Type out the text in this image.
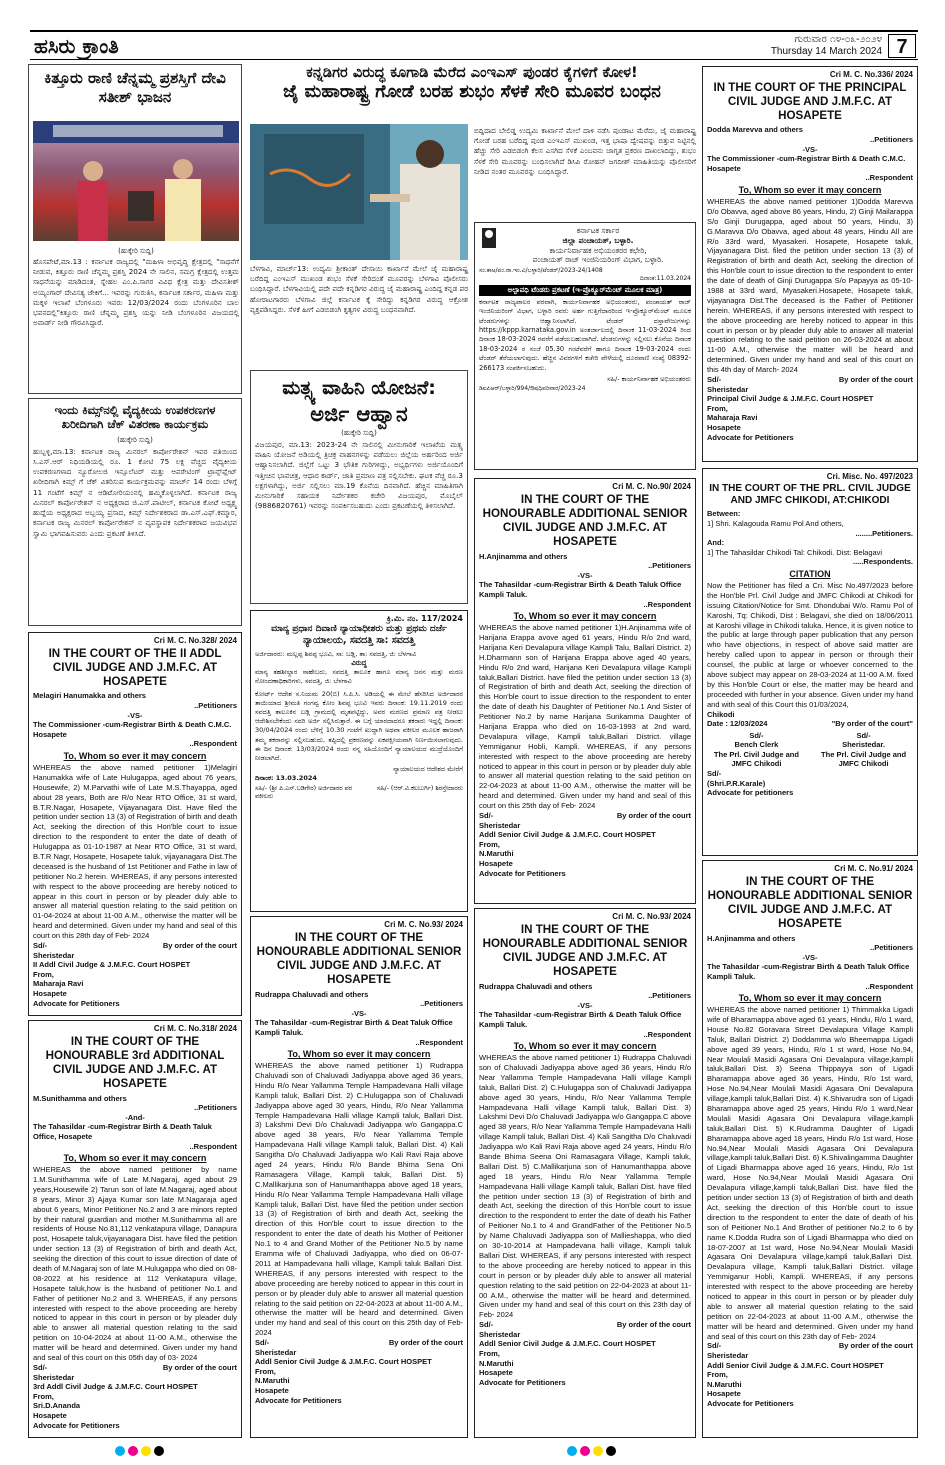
ಹಸಿರು ಕ್ರಾಂತಿ	ಗುರುವಾರ ೧೪-೦೩-೨೦೨೪
Thursday 14 March 2024 7
ಕಿತ್ತೂರು ರಾಣಿ ಚೆನ್ನಮ್ಮ ಪ್ರಶಸ್ತಿಗೆ ದೇವಿ ಸತೀಶ್ ಭಾಜನ
(ಹುಕ್ಕೇರಿ ಸುದ್ದಿ)
ಹೊಸಪೇಟೆ,ಮಾ.13 : ಕರ್ನಾಟಕ ರಾಜ್ಯದಲ್ಲಿ "ಮಹಿಳಾ ಅಭಿವೃದ್ಧಿ ಕ್ಷೇತ್ರದಲ್ಲಿ "ಸಾಧನೆಗೆ ನೀಡುವ, ಕಿತ್ತೂರು ರಾಣಿ ಚೆನ್ನಮ್ಮ ಪ್ರಶಸ್ತಿ 2024 ನೇ ಸಾಲಿನ, ಸಮಗ್ರ ಕ್ಷೇತ್ರದಲ್ಲಿ ಉತ್ತಮ ಸಾಧನೆಯನ್ನು ಮಾಡಿದಂತ, ಸ್ನೇಹಲ ಎಂ.ಪಿ.ಸಾಗರ ವಿವಿಧ ಕ್ಷೇತ್ರ ಮತ್ತು ದೇವಿಸತೀಶ್ ಅಯ್ಯಂಗಾರ್ ದೇವಿಸತ್ಯ ಜೇಕಿಗೆ... ಇವರನ್ನು ಗುರುತಿಸಿ, ಕರ್ನಾಟಕ ಸರ್ಕಾರ, ಮಹಿಳಾ ಮತ್ತು ಮಕ್ಕಳ ಇಲಾಖೆ ಬೆಂಗಳೂರು ಇವರು 12/03/2024 ರಂದು ಬೆಂಗಳೂರಿನ ಬಾಲ ಭವನದಲ್ಲಿ"ಕಿತ್ತೂರು ರಾಣಿ ಚೆನ್ನಮ್ಮ ಪ್ರಶಸ್ತಿ ಯನ್ನು ನೀಡಿ ಬೆಂಗಳೂರಿನ ವಿಜಯದಲ್ಲಿ ಅವಾರ್ಡ್ ನೀಡಿ ಗೌರವಿಸಿದ್ದಾರೆ.
ಇಂದು ಕಿಮ್ಸ್‌ನಲ್ಲಿ ವೈದ್ಯಕೀಯ ಉಪಕರಣಗಳ ಖರೀದಿಗಾಗಿ ಚೆಕ್ ವಿತರಣಾ ಕಾರ್ಯಕ್ರಮ
(ಹುಕ್ಕೇರಿ ಸುದ್ದಿ)
ಹುಬ್ಬಳ್ಳಿ,ಮಾ.13: ಕರ್ನಾಟಕ ರಾಜ್ಯ ಮಿನರಲ್ ಕಾರ್ಪೋರೇಶನ್ ಇವರ ವತಿಯಿಂದ ಸಿ.ಎಸ್.ಆರ್ ನಿಧಿಯಡಿಯಲ್ಲಿ ರೂ. 1 ಕೋಟಿ 75 ಲಕ್ಷ ವೆಚ್ಚದ ವೈದ್ಯಕೀಯ ಉಪಕರಣಗಳಾದ ನ್ಯೂರೋಲಜಿ ಇನ್ಸೂಲೆಟರ್ ಮತ್ತು ಆಪರೇಟಿಂಗ್ ಟ್ರಾನ್ಸ್‌ಪ್ಲೇಟ್ ಖರೀದಿಗಾಗಿ ಕಿಮ್ಸ್ ಗೆ ಚೆಕ್ ವಿತರಿಸುವ ಕಾರ್ಯಕ್ರಮವನ್ನು ಮಾರ್ಚ್ 14 ರಂದು ಬೆಳಿಗ್ಗೆ 11 ಗಂಟೆಗೆ ಕಿಮ್ಸ್ ನ ಆಡಿಟೋರಿಯಂನಲ್ಲಿ ಹಮ್ಮಿಕೊಳ್ಳಲಾಗಿದೆ. ಕರ್ನಾಟಕ ರಾಜ್ಯ ಮಿನರಲ್ ಕಾರ್ಪೋರೇಶನ್ ನ ಅಧ್ಯಕ್ಷರಾದ ಜಿ.ಎಸ್.ಪಾಟೀಲ್, ಕರ್ನಾಟಕ ಕೋಟೆ ಅಧ್ಯಕ್ಷೃ ಹುದ್ದೆಯ ಅಧ್ಯಕ್ಷರಾದ ಅಬ್ಬಯ್ಯ ಪ್ರಸಾದ, ಕಿಮ್ಸ್ ನಿರ್ದೇಶಕರಾದ ಡಾ.ಎಸ್.ಎಫ್.ಕಮ್ಮಾರ, ಕರ್ನಾಟಕ ರಾಜ್ಯ ಮಿನರಲ್ ಕಾರ್ಪೋರೇಶನ್ ನ ವ್ಯವಸ್ಥಾಪಕ ನಿರ್ದೇಶಕರಾದ ಜಯವಿಭವ ಸ್ವಾಮಿ ಭಾಗವಹಿಸುವರು ಎಂದು ಪ್ರಕಟಣೆ ತಿಳಿಸಿದೆ.
ಕನ್ನಡಿಗರ ವಿರುದ್ಧ ಕೂಗಾಡಿ ಮೆರೆದ ಎಂಇಎಸ್ ಪುಂಡರ ಕೈಗಳಿಗೆ ಕೋಳ!
ಜೈ ಮಹಾರಾಷ್ಟ್ರ ಗೋಡೆ ಬರಹ ಶುಭಂ ಸೆಳಕೆ ಸೇರಿ ಮೂವರ ಬಂಧನ
ಬೆಳಗಾವಿ, ಮಾರ್ಚ್13: ಉದ್ಯಮಿ ಶ್ರೀಕಾಂತ್ ದೇಸಾಯಿ ಕಾರ್ಖಾನೆ ಮೇಲೆ ಜೈ ಮಹಾರಾಷ್ಟ್ರ ಬರೆದಿದ್ದ ಎಂಇಎಸ್ ಮುಖಂಡ ಶುಭಂ ಸೆಳಕೆ ಸೇರಿದಂತೆ ಮೂವರನ್ನು ಬೆಳಗಾವಿ ಪೊಲೀಸರು ಬಂಧಿಸಿದ್ದಾರೆ. ಬೆಳಗಾವಿಯಲ್ಲಿ ಪದೇ ಪದೇ ಕನ್ನಡಿಗರ ವಿರುದ್ಧ ಜೈ ಮಹಾರಾಷ್ಟ್ರ ಎಂದಿದ್ದ ಕನ್ನಡ ಪರ ಹೋರಾಟಗಾರರು ಬೆಳಗಾವಿ ಜಿಲ್ಲೆ ಕರ್ನಾಟಕ ಕ್ಕೆ ಸೇರಿದ್ದು ಕನ್ನಡಿಗರ ವಿರುದ್ಧ ಆಕ್ರೋಶ ವ್ಯಕ್ತಪಡಿಸಿದ್ದರು. ಸೆಳಕೆ ಹೀಗೆ ಎಡಬಿಡಂಗಿ ಕೃತ್ಯಗಳ ವಿರುದ್ಧ ಬಂಧನವಾಗಿದೆ.
ಬಿದ್ದಿದಾದ ಬೇಲಿಡ್ಡ ಉದ್ಯಮಿ ಕಾರ್ಖಾನೆ ಮೇಲೆ ದಾಳಿ ನಡೆಸಿ ಪುಂಡಾಟ ಮೆರೆದು, ಜೈ ಮಹಾರಾಷ್ಟ್ರ ಗೋಡೆ ಬರಹ ಬರೆದಿದ್ದ ಪುಂಡ ಎಂಇಎಸ್ ಮುಖಂಡ, ಇತ್ತ ಭಾಷಾ ದ್ವೇಷವನ್ನು ಬಿತ್ತುವ ನಿಟ್ಟಿನಲ್ಲಿ ಹೆಚ್ಚು ಸೇರಿ ಎಡಬಿಡಂಗಿ ಕೆಲಸ ಎಸಗಿದ ಸೆಳಕೆ ಎಂಬವನು ಜಾಗೃತ ಪ್ರಕರಣ ದಾಖಲಾದಿದ್ದು, ಶುಭಂ ಸೆಳಕೆ ಸೇರಿ ಮೂವರನ್ನು ಬಂಧಿಸಲಾಗಿದೆ ಡಿಸಿಪಿ ರೋಹನ್ ಜಗದೀಶ್ ಮಾಹಿತಿಯನ್ನು ಪೊಲೀಸರಿಗೆ ನೀಡಿದ ನಂತರ ಮೂವರನ್ನು ಬಂಧಿಸಿದ್ದಾರೆ.
ಕರ್ನಾಟಕ ಸರ್ಕಾರ
ಜಿಲ್ಲಾ ಪಂಚಾಯತ್, ಬಳ್ಳಾರಿ.
ಕಾರ್ಯನಿರ್ವಾಹಕ ಅಭಿಯಂತರರ ಕಛೇರಿ,
ಪಂಚಾಯತ್ ರಾಜ್ ಇಂಜಿನಿಯರಿಂಗ್ ವಿಭಾಗ, ಬಳ್ಳಾರಿ.
ಸಂ.ಕಾಅ/ಪಂ.ರಾ.ಇಂ.ವಿ/ಬಳ್ಳಾರಿ/ಟೆಂಡರ್/2023-24/1408
ದಿನಾಂಕ:11.03.2024
ಅಲ್ಪಾವಧಿ ಟೆಂಡರು ಪ್ರಕಟಣೆ (ಇ-ಪ್ರೊಕ್ಯೂರ್‌ಮೆಂಟ್ ಮೂಲಕ ಮಾತ್ರ)
ಕರ್ನಾಟಕ ರಾಜ್ಯಪಾಲರ ಪರವಾಗಿ, ಕಾರ್ಯನಿರ್ವಾಹಕ ಅಭಿಯಂತರರು, ಪಂಚಾಯತ್ ರಾಜ್ ಇಂಜಿನಿಯರಿಂಗ್ ವಿಭಾಗ, ಬಳ್ಳಾರಿ ರವರು ಅರ್ಹ ಗುತ್ತಿಗೆದಾರರಿಂದ ಇ-ಪ್ರೊಕ್ಯೂರ್‌ಮೆಂಟ್ ಮೂಲಕ ಟೆಂಡರುಗಳನ್ನು ಆಹ್ವಾನಿಸಲಾಗಿದೆ. ಟೆಂಡರ್ ದಸ್ತಾವೇಜುಗಳನ್ನು https://kppp.karnataka.gov.in ಅಂತರ್ಜಾಲದಲ್ಲಿ ದಿನಾಂಕ 11-03-2024 ರಿಂದ ದಿನಾಂಕ 18-03-2024 ರವರೆಗೆ ಪಡೆಯಬಹುದಾಗಿದೆ. ಟೆಂಡರುಗಳನ್ನು ಸಲ್ಲಿಸಲು ಕೊನೆಯ ದಿನಾಂಕ 18-03-2024 ರ ಸಂಜೆ 05.30 ಗಂಟೆವರೆಗೆ ಹಾಗೂ ದಿನಾಂಕ 19-03-2024 ರಂದು ಟೆಂಡರ್ ತೆರೆಯಲಾಗುವುದು. ಹೆಚ್ಚಿನ ವಿವರಗಳಿಗೆ ಕಚೇರಿ ವೇಳೆಯಲ್ಲಿ ದೂರವಾಣಿ ಸಂಖ್ಯೆ 08392-266173 ಸಂಪರ್ಕಿಸಬಹುದು.
ಸಹಿ/- ಕಾರ್ಯನಿರ್ವಾಹಕ ಅಭಿಯಂತರರು
ಡಿಐಪಿಆರ್/ಬಳ್ಳಾರಿ/994/ಔಷಧಿಪರಿವಾರ/2023-24
ಮತ್ಸ್ಯ ವಾಹಿನಿ ಯೋಜನೆ:
ಅರ್ಜಿ ಆಹ್ವಾನ
(ಹುಕ್ಕೇರಿ ಸುದ್ದಿ)
ವಿಜಯಪುರ, ಮಾ.13: 2023-24 ನೇ ಸಾಲಿನಲ್ಲಿ ಮೀನುಗಾರಿಕೆ ಇಲಾಖೆಯ ಮತ್ಸ್ಯ ವಾಹಿನಿ ಯೋಜನೆ ಅಡಿಯಲ್ಲಿ ತ್ರಿಚಕ್ರ ವಾಹನಗಳನ್ನು ಪಡೆಯಲು ಜಿಲ್ಲೆಯ ಅರ್ಹರಿಂದ ಅರ್ಜಿ ಆಹ್ವಾನಿಸಲಾಗಿದೆ. ಜಿಲ್ಲೆಗೆ ಒಟ್ಟು 3 ಭೌತಿಕ ಗುರಿಗಳಿದ್ದು, ಅಭ್ಯರ್ಥಿಗಳು ಅರ್ಜಿಯೊಂದಿಗೆ ಇತ್ತೀಚಿನ ಭಾವಚಿತ್ರ, ಆಧಾರ ಕಾರ್ಡ್, ಜಾತಿ ಪ್ರಮಾಣ ಪತ್ರ ಸಲ್ಲಿಸಬೇಕು. ಘಟಕ ವೆಚ್ಚ ರೂ.3 ಲಕ್ಷಗಳಾಗಿದ್ದು, ಅರ್ಜಿ ಸಲ್ಲಿಸಲು ಮಾ.19 ಕೊನೆಯ ದಿನವಾಗಿದೆ. ಹೆಚ್ಚಿನ ಮಾಹಿತಿಗಾಗಿ ಮೀನುಗಾರಿಕೆ ಸಹಾಯಕ ನಿರ್ದೇಶಕರ ಕಚೇರಿ ವಿಜಯಪುರ, ಮೊಬೈಲ್ (9886820761) ಇವರನ್ನು ಸಂಪರ್ಕಿಸಬಹುದು ಎಂದು ಪ್ರಕಟಣೆಯಲ್ಲಿ ತಿಳಿಸಲಾಗಿದೆ.
ಕ್ರಿ.ಮಿ. ನಂ. 117/2024
ಮಾನ್ಯ ಪ್ರಧಾನ ದಿವಾಣಿ ನ್ಯಾಯಾಧೀಶರು ಮತ್ತು ಪ್ರಥಮ ದರ್ಜೆ
ನ್ಯಾಯಾಲಯ, ಸವದತ್ತಿ ಸಾ: ಸವದತ್ತಿ
ಅರ್ಜಿದಾರರು: ಮಲ್ಲಪ್ಪ ಶಿವಪ್ಪ ಭೂವಿ, ಸಾ: ಬಡ್ಲಿ, ತಾ: ಸವದತ್ತಿ, ಜಿ: ಬೆಳಗಾವಿ
ವಿರುದ್ಧ
ಮಾನ್ಯ ತಹಶೀಲ್ದಾರ ಸಾಹೇಬರು, ಸವದತ್ತಿ ತಾಲೂಕ ಹಾಗೂ ಮಾನ್ಯ ಜನನ ಮತ್ತು ಮರಣ ನೋಂದಣಾಧಿಕಾರಿಗಳು, ಸವದತ್ತಿ, ಜಿ: ಬೆಳಗಾವಿ
ಕೋರ್ಟ್ ಆದೇಶ ಸ.ನಿಯಮ 20(ಬಿ) ಸಿ.ಪಿ.ಸಿ. ಅಡಿಯಲ್ಲಿ ಈ ಮೇಲೆ ಹೆಸರಿಸಿದ ಅರ್ಜಿದಾರರ ತಾಯಿಯಾದ ಶ್ರೀಮತಿ ಗಂಗವ್ವ ಕೋಂ ಶಿವಪ್ಪ ಭೂವಿ ಇವರು ದಿನಾಂಕ: 19.11.2019 ರಂದು ಸವದತ್ತಿ ತಾಲೂಕಿನ ಬಡ್ಲಿ ಗ್ರಾಮದಲ್ಲಿ ಮೃತಪಟ್ಟಿದ್ದು, ಅವರ ಮರಣದ ಪ್ರಮಾಣ ಪತ್ರ ನೀಡಲು ಆದೇಶಿಸಬೇಕೆಂದು ಸದರಿ ಅರ್ಜಿ ಸಲ್ಲಿಸಿರುತ್ತಾರೆ. ಈ ಬಗ್ಗೆ ಯಾರದಾದರೂ ತಕರಾರು ಇದ್ದಲ್ಲಿ ದಿನಾಂಕ: 30/04/2024 ರಂದು ಬೆಳಿಗ್ಗೆ 10.30 ಗಂಟೆಗೆ ಖುದ್ದಾಗಿ ಅಥವಾ ವಕೀಲರ ಮೂಲಕ ಹಾಜರಾಗಿ ತಮ್ಮ ತಕರಾರನ್ನು ಸಲ್ಲಿಸಬಹುದು, ತಪ್ಪಿದಲ್ಲಿ ಪ್ರಕರಣವನ್ನು ಏಕಪಕ್ಷೀಯವಾಗಿ ನಿರ್ಣಯಿಸಲಾಗುವುದು. ಈ ದಿನ ದಿನಾಂಕ: 13/03/2024 ರಂದು ನನ್ನ ಸಹಿಯೊಂದಿಗೆ ನ್ಯಾಯಾಲಯದ ಮುದ್ರೆಯೊಂದಿಗೆ ನೀಡಲಾಗಿದೆ.
ನ್ಯಾಯಾಲಯದ ಆದೇಶದ ಮೇರೆಗೆ
ದಿನಾಂಕ: 13.03.2024
ಸಹಿ/- (ಶ್ರೀ ಪಿ.ಎಸ್.ಬಡಿಗೇರ) ಅರ್ಜಿದಾರರ ಪರ ವಕೀಲರು
ಸಹಿ/- (ಆರ್.ವಿ.ಕಲಬುರ್ಗಿ) ಶಿರಸ್ತೇದಾರರು
Cri M. C. No.328/ 2024
IN THE COURT OF THE II ADDL CIVIL JUDGE AND J.M.F.C. AT HOSAPETE
Melagiri Hanumakka and others
..Petitioners
-VS-
The Commissioner -cum-Registrar Birth & Death C.M.C. Hosapete
..Respondent
To, Whom so ever it may concern
WHEREAS the above named petitioner 1)Melagiri Hanumakka wife of Late Hulugappa, aged about 76 years, Housewife, 2) M.Parvathi wife of Late M.S.Thayappa, aged about 28 years, Both are R/o Near RTO Office, 31 st ward, B.T.R.Nagar, Hosapete, Vijayanagara Dist. Have filed the petition under section 13 (3) of Registration of birth and death Act, seeking the direction of this Hon'ble court to issue direction to the respondent to enter the date of death of Hulugappa as 01-10-1987 at Near RTO Office, 31 st ward, B.T.R Nagr, Hosapete, Hosapete taluk, vijayanagara Dist.The deceased is the husband of 1st Petitioner and Fathe in law of petitioner No.2 herein. WHEREAS, if any persons interested with respect to the above proceeding are hereby noticed to appear in this court in person or by pleader duly able to answer all material question relating to the said petition on 01-04-2024 at about 11-00 A.M., otherwise the matter will be heard and determined. Given under my hand and seal of this court on this 28th day of Feb- 2024
Sd/-	By order of the court
Sheristedar
II Addl Civil Judge & J.M.F.C. Court HOSPET
From,
Maharaja Ravi
Hosapete
Advocate for Petitioners
Cri M. C. No.318/ 2024
IN THE COURT OF THE HONOURABLE 3rd ADDITIONAL CIVIL JUDGE AND J.M.F.C. AT HOSAPETE
M.Sunithamma and others
..Petitioners
-And-
The Tahasildar -cum-Registrar Birth & Death Taluk Office, Hosapete
..Respondent
To, Whom so ever it may concern
WHEREAS the above named petitioner by name 1.M.Sunithamma wife of Late M.Nagaraj, aged about 29 years,Housewife 2) Tarun son of late M.Nagaraj, aged about 8 years, Minor 3) Ajaya Kumar son late M.Nagaraja aged about 6 years, Minor Petitioner No.2 and 3 are minors repted by their natural guardian and mother M.Sunithamma all are residents of House No.81,112 venkatapura village, Danapura post, Hosapete taluk,vijayanagara Dist. have filed the petition under section 13 (3) of Registration of birth and death Act, seeking the direction of this court to issue direction of date of death of M.Nagaraj son of late M.Hulugappa who died on 08-08-2022 at his residence at 112 Venkatapura village, Hosapete taluk,how is the husband of petitioner No.1 and Father of petitioner No.2 and 3. WHEREAS, if any persons interested with respect to the above proceeding are hereby noticed to appear in this court in person or by pleader duly able to answer all material question relating to the said petition on 10-04-2024 at about 11-00 A.M., otherwise the matter will be heard and determined. Given under my hand and seal of this court on this 05th day of 03- 2024
Sd/-	By order of the court
Sheristedar
3rd Addl Civil Judge & J.M.F.C. Court HOSPET
From,
Sri.D.Ananda
Hosapete
Advocate for Petitioners
Cri M. C. No.93/ 2024
IN THE COURT OF THE HONOURABLE ADDITIONAL SENIOR CIVIL JUDGE AND J.M.F.C. AT HOSAPETE
Rudrappa Chaluvadi and others
..Petitioners
-VS-
The Tahasildar -cum-Registrar Birth & Deat Taluk Office Kampli Taluk.
..Respondent
To, Whom so ever it may concern
WHEREAS the above named petitioner 1) Rudrappa Chaluvadi son of Chaluvadi Jadiyappa above aged 36 years, Hindu R/o Near Yallamma Temple Hampadevana Halli village Kampli taluk, Ballari Dist. 2) C.Hulugappa son of Chaluvadi Jadiyappa above aged 30 years, Hindu, R/o Near Yallamma Temple Hampadevana Halli village Kampli taluk, Ballari Dist. 3) Lakshmi Devi D/o Chaluvadi Jadiyappa w/o Gangappa.C above aged 38 years, R/o Near Yallamma Temple Hampadevana Halli village Kampli taluk, Ballari Dist. 4) Kali Sangitha D/o Chaluvadi Jadiyappa w/o Kali Ravi Raja above aged 24 years, Hindu R/o Bande Bhima Sena Oni Ramasagera Village, Kampli taluk, Ballari Dist. 5) C.Mallikarjuna son of Hanumanthappa above aged 18 years, Hindu R/o Near Yallamma Temple Hampadevana Halli village Kampli taluk, Ballari Dist. have filed the petition under section 13 (3) of Registration of birth and death Act, seeking the direction of this Hon'ble court to issue direction to the respondent to enter the date of death his Mother of Peitioner No.1 to 4 and Grand Mother of the Petitioner No.5 by name Eramma wife of Chaluvadi Jadiyappa, who died on 06-07-2011 at Hampadevana halli village, Kampli taluk Ballari Dist. WHEREAS, if any persons interested with respect to the above proceeding are hereby noticed to appear in this court in person or by pleader duly able to answer all material question relating to the said petition on 22-04-2023 at about 11-00 A.M., otherwise the matter will be heard and determined. Given under my hand and seal of this court on this 25th day of Feb- 2024
Sd/-	By order of the court
Sheristedar
Addl Senior Civil Judge & J.M.F.C. Court HOSPET
From,
N.Maruthi
Hosapete
Advocate for Petitioners
Cri M. C. No.90/ 2024
IN THE COURT OF THE HONOURABLE ADDITIONAL SENIOR CIVIL JUDGE AND J.M.F.C. AT HOSAPETE
H.Anjinamma and others
..Petitioners
-VS-
The Tahasildar -cum-Registrar Birth & Death Taluk Office Kampli Taluk.
..Respondent
To, Whom so ever it may concern
WHEREAS the above named petitioner 1)H.Anjinamma wife of Harijana Erappa avove aged 61 years, Hindu R/o 2nd ward, Harijana Keri Devalapura village Kampli Talu, Ballari District. 2) H.Dharmann son of Harijana Erappa above aged 40 years, Hindu R/o 2nd ward, Harijana Keri Devalapura village Kampli taluk,Ballari District. have filed the petition under section 13 (3) of Registration of birth and death Act, seeking the direction of this Hon'ble court to issue direction to the respondent to enter the date of death his Daughter of Petitioner No.1 And Sister of Petitioner No.2 by name Harijana Sunkamma Daughter of Harijana Erappa who died on 16-03-1993 at 2nd ward, Devalapura village, Kampli taluk,Ballari District. village Yemmiganur Hobli, Kampli. WHEREAS, if any persons interested with respect to the above proceeding are hereby noticed to appear in this court in person or by pleader duly able to answer all material question relating to the said petition on 22-04-2023 at about 11-00 A.M., otherwise the matter will be heard and determined. Given under my hand and seal of this court on this 25th day of Feb- 2024
Sd/-	By order of the court
Sheristedar
Addl Senior Civil Judge & J.M.F.C. Court HOSPET
From,
N.Maruthi
Hosapete
Advocate for Petitioners
Cri M. C. No.93/ 2024
IN THE COURT OF THE HONOURABLE ADDITIONAL SENIOR CIVIL JUDGE AND J.M.F.C. AT HOSAPETE
Rudrappa Chaluvadi and others
..Petitioners
-VS-
The Tahasildar -cum-Registrar Birth & Death Taluk Office Kampli Taluk.
..Respondent
To, Whom so ever it may concern
WHEREAS the above named petitioner 1) Rudrappa Chaluvadi son of Chaluvadi Jadiyappa above aged 36 years, Hindu R/o Near Yallamma Temple Hampadevana Halli village Kampli taluk, Ballari Dist. 2) C.Hulugappa son of Chaluvadi Jadiyappa above aged 30 years, Hindu, R/o Near Yallamma Temple Hampadevana Halli village Kampli taluk, Ballari Dist. 3) Lakshmi Devi D/o Chaluvadi Jadiyappa w/o Gangappa.C above aged 38 years, R/o Near Yallamma Temple Hampadevana Halli village Kampli taluk, Ballari Dist. 4) Kali Sangitha D/o Chaluvadi Jadiyappa w/o Kali Ravi Raja above aged 24 years, Hindu R/o Bande Bhima Seena Oni Ramasagara Village, Kampli taluk, Ballari Dist. 5) C.Mallikarjuna son of Hanumanthappa above aged 18 years, Hindu R/o Near Yallamma Temple Hampadevana Halli village Kampli taluk, Ballari Dist. have filed the petition under section 13 (3) of Registration of birth and death Act, seeking the direction of this Hon'ble court to issue direction to the respondent to enter the date of death his Father of Peitioner No.1 to 4 and GrandFather of the Petitioner No.5 by Name Chaluvadi Jadiyappa son of Mallieshappa, who died on 30-10-2014 at Hampadevana halli village, Kampli taluk Ballari Dist. WHEREAS, if any persons interested with respect to the above proceeding are hereby noticed to appear in this court in person or by pleader duly able to answer all material question relating to the said petition on 22-04-2023 at about 11-00 A.M., otherwise the matter will be heard and determined. Given under my hand and seal of this court on this 23th day of Feb- 2024
Sd/-	By order of the court
Sheristedar
Addl Senior Civil Judge & J.M.F.C. Court HOSPET
From,
N.Maruthi
Hosapete
Advocate for Petitioners
Cri M. C. No.336/ 2024
IN THE COURT OF THE PRINCIPAL CIVIL JUDGE AND J.M.F.C. AT HOSAPETE
Dodda Marevva and others
..Petitioners
-VS-
The Commissioner -cum-Registrar Birth & Death C.M.C. Hosapete
..Respondent
To, Whom so ever it may concern
WHEREAS the above named petitioner 1)Dodda Marevva D/o Obavva, aged above 86 years, Hindu, 2) Ginji Mailarappa S/o Ginji Durugappa, aged about 50 years, Hindu, 3) G.Maravva D/o Obavva, aged about 48 years, Hindu All are R/o 33rd ward, Myasakeri. Hosapete, Hosapete taluk, Vijayanagara Dist. filed the petition under section 13 (3) of Registration of birth and death Act, seeking the direction of this Hon'ble court to issue direction to the respondent to enter the date of death of Ginji Durugappa S/o Papayya as 05-10-1988 at 33rd ward, Myasakeri.Hosapete, Hosapete taluk, vijayanagra Dist.The deceased is the Father of Petitioner herein. WHEREAS, if any persons interested with respect to the above proceeding are hereby noticed to appear in this court in person or by pleader duly able to answer all material question relating to the said petition on 26-03-2024 at about 11-00 A.M., otherwise the matter will be heard and determined. Given under my hand and seal of this court on this 4th day of March- 2024
Sd/-	By order of the court
Sheristedar
Principal Civil Judge & J.M.F.C. Court HOSPET
From,
Maharaja Ravi
Hosapete
Advocate for Petitioners
Cri. Misc. No. 497/2023
IN THE COURT OF THE PRL. CIVIL JUDGE AND JMFC CHIKODI, AT:CHIKODI
Between:
1] Shri. Kalagouda Ramu Pol And others,
........Petitioners.
And:
1] The Tahasildar Chikodi Tal: Chikodi. Dist: Belagavi
.....Respondents.
CITATION
Now the Petitioner has filed a Cri. Misc No.497/2023 before the Hon'ble Prl. Civil Judge and JMFC Chikodi at Chikodi for issuing Citation/Notice for Smt. Dhondubai W/o. Ramu Pol of Karoshi, Tq: Chikodi, Dist : Belagavi, she died on 18/06/2011 at Karoshi village in Chikodi taluka. Hence, it is given notice to the public at large through paper publication that any person who have objections, in respect of above said matter are hereby called upon to appear in person or through their counsel, the public at large or whoever concerned to the above subject may appear on 28-03-2024 at 11-00 A.M. fixed by this Hon'ble Court or else, the matter may be heard and proceeded with further in your absence. Given under my hand and with seal of this Court this 01/03/2024,
Chikodi
Date : 12/03/2024	"By order of the court"
Sd/-
Bench Clerk
The Prl. Civil Judge and JMFC Chikodi
Sd/-
Sheristedar.
The Prl. Civil Judge and JMFC Chikodi
Sd/-
(Shri.P.R.Karale)
Advocate for petitioners
Cri M. C. No.91/ 2024
IN THE COURT OF THE HONOURABLE ADDITIONAL SENIOR CIVIL JUDGE AND J.M.F.C. AT HOSAPETE
H.Anjinamma and others
..Petitioners
-VS-
The Tahasildar -cum-Registrar Birth & Death Taluk Office Kampli Taluk.
..Respondent
To, Whom so ever it may concern
WHEREAS the above named petitioner 1) Thimmakka Ligadi wife of Bharamappa above aged 61 years, Hindu, R/o 1 ward, House No.82 Goravara Street Devalapura Village Kampli Taluk, Ballari District. 2) Doddamma w/o Bheemappa Ligadi above aged 39 years, Hindu, R/o 1 st ward, Hose No.94, Near Moulali Masidi Agasara Oni Devalapura village,kampli taluk,Ballari Dist. 3) Seena Thippayya son of Ligadi Bharamappa above aged 36 years, Hindu, R/o 1st ward, Hose No.94,Near Moulali Masidi Agasara Oni Devalapura village,kampli taluk,Ballari Dist. 4) K.Shivarudra son of Ligadi Bharamappa above aged 25 years, Hindu R/o 1 ward,Near Moulali Masidi Agasara Oni Devalapura village,kampli taluk,Ballari Dist. 5) K.Rudramma Daughter of Ligadi Bharamappa above aged 18 years, Hindu R/o 1st ward, Hose No.94,Near Moulali Masidi Agasara Oni Devalapura village,kampli taluk,Ballari Dist. 6) K.Shivalingamma Daughter of Ligadi Bharmappa above aged 16 years, Hindu, R/o 1st ward, Hose No.94,Near Moulali Masidi Agasara Oni Devalapura village,kampli taluk,Ballari Dist. have filed the petition under section 13 (3) of Registration of birth and death Act, seeking the direction of this Hon'ble court to issue direction to the respondent to enter the date of death of his son of Peitioner No.1 And Brother of petitioner No.2 to 6 by name K.Dodda Rudra son of Ligadi Bharmappa who died on 18-07-2007 at 1st ward, Hose No.94,Near Moulali Masidi Agasara Oni Devalapura village,kampli taluk,Ballari Dist. Devalapura village, Kampli taluk,Ballari District. village Yemmiganur Hobli, Kampli. WHEREAS, if any persons interested with respect to the above proceeding are hereby noticed to appear in this court in person or by pleader duly able to answer all material question relating to the said petition on 22-04-2023 at about 11-00 A.M., otherwise the matter will be heard and determined. Given under my hand and seal of this court on this 23th day of Feb- 2024
Sd/-	By order of the court
Sheristedar
Addl Senior Civil Judge & J.M.F.C. Court HOSPET
From,
N.Maruthi
Hosapete
Advocate for Petitioners
